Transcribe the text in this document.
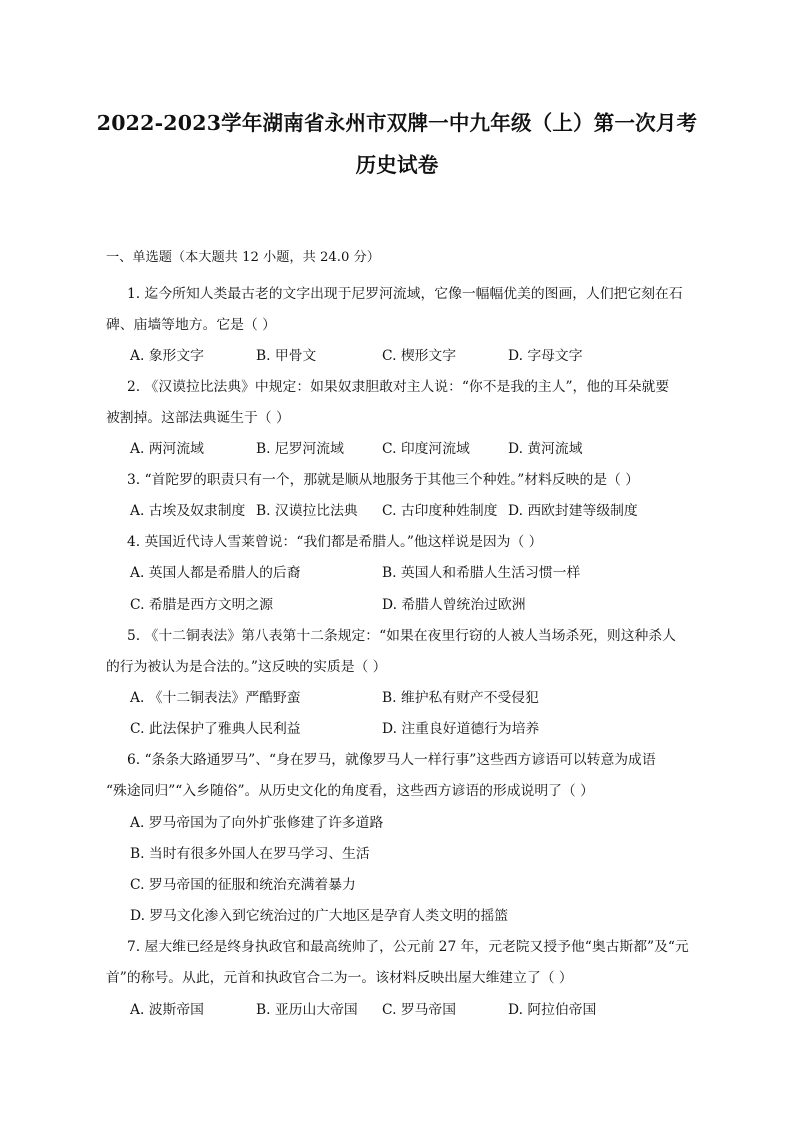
2022-2023学年湖南省永州市双牌一中九年级（上）第一次月考
历史试卷
一、单选题（本大题共 12 小题，共 24.0 分）
1. 迄今所知人类最古老的文字出现于尼罗河流域，它像一幅幅优美的图画，人们把它刻在石
碑、庙墙等地方。它是（ ）
A. 象形文字	B. 甲骨文	C. 楔形文字	D. 字母文字
2. 《汉谟拉比法典》中规定：如果奴隶胆敢对主人说：“你不是我的主人”，他的耳朵就要
被割掉。这部法典诞生于（ ）
A. 两河流域	B. 尼罗河流域	C. 印度河流域	D. 黄河流域
3. “首陀罗的职责只有一个，那就是顺从地服务于其他三个种姓。”材料反映的是（ ）
A. 古埃及奴隶制度 B. 汉谟拉比法典 C. 古印度种姓制度 D. 西欧封建等级制度
4. 英国近代诗人雪莱曾说：“我们都是希腊人。”他这样说是因为（ ）
A. 英国人都是希腊人的后裔	B. 英国人和希腊人生活习惯一样
C. 希腊是西方文明之源	D. 希腊人曾统治过欧洲
5. 《十二铜表法》第八表第十二条规定：“如果在夜里行窃的人被人当场杀死，则这种杀人
的行为被认为是合法的。”这反映的实质是（ ）
A. 《十二铜表法》严酷野蛮	B. 维护私有财产不受侵犯
C. 此法保护了雅典人民利益	D. 注重良好道德行为培养
6. “条条大路通罗马”、“身在罗马，就像罗马人一样行事”这些西方谚语可以转意为成语
“殊途同归”“入乡随俗”。从历史文化的角度看，这些西方谚语的形成说明了（ ）
A. 罗马帝国为了向外扩张修建了许多道路
B. 当时有很多外国人在罗马学习、生活
C. 罗马帝国的征服和统治充满着暴力
D. 罗马文化渗入到它统治过的广大地区是孕育人类文明的摇篮
7. 屋大维已经是终身执政官和最高统帅了，公元前 27 年，元老院又授予他“奥古斯都”及“元
首”的称号。从此，元首和执政官合二为一。该材料反映出屋大维建立了（ ）
A. 波斯帝国	B. 亚历山大帝国 C. 罗马帝国	D. 阿拉伯帝国
